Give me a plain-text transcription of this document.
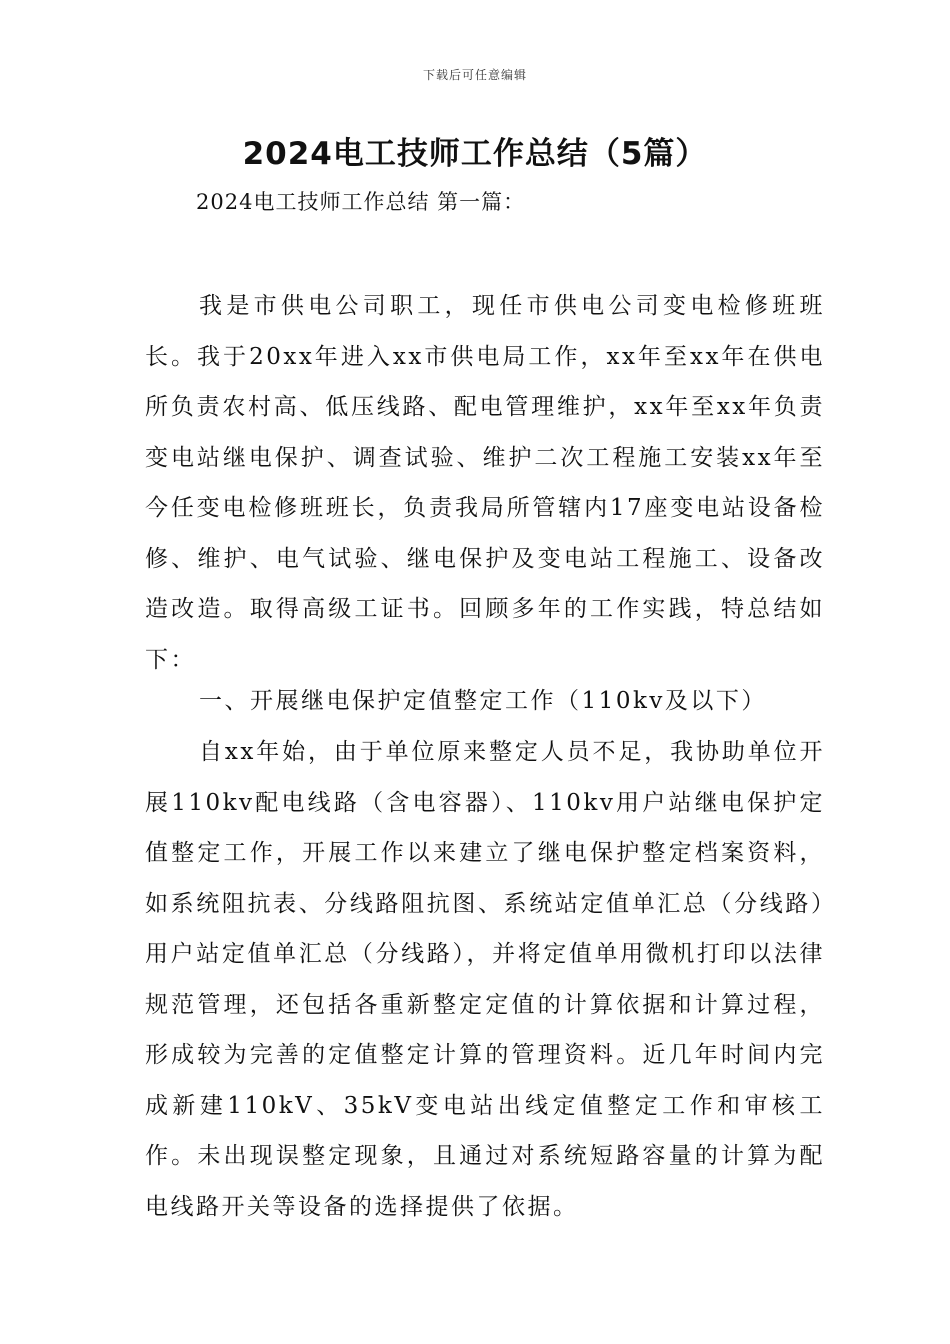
下载后可任意编辑
2024电工技师工作总结（5篇）
2024电工技师工作总结 第一篇：

我是市供电公司职工，现任市供电公司变电检修班班长。我于20xx年进入xx市供电局工作，xx年至xx年在供电所负责农村高、低压线路、配电管理维护，xx年至xx年负责变电站继电保护、调查试验、维护二次工程施工安装xx年至今任变电检修班班长，负责我局所管辖内17座变电站设备检修、维护、电气试验、继电保护及变电站工程施工、设备改造改造。取得高级工证书。回顾多年的工作实践，特总结如下：

一、开展继电保护定值整定工作（110kv及以下）

自xx年始，由于单位原来整定人员不足，我协助单位开展110kv配电线路（含电容器）、110kv用户站继电保护定值整定工作，开展工作以来建立了继电保护整定档案资料，如系统阻抗表、分线路阻抗图、系统站定值单汇总（分线路）用户站定值单汇总（分线路），并将定值单用微机打印以法律规范管理，还包括各重新整定定值的计算依据和计算过程，形成较为完善的定值整定计算的管理资料。近几年时间内完成新建110kV、35kV变电站出线定值整定工作和审核工作。未出现误整定现象，且通过对系统短路容量的计算为配电线路开关等设备的选择提供了依据。
